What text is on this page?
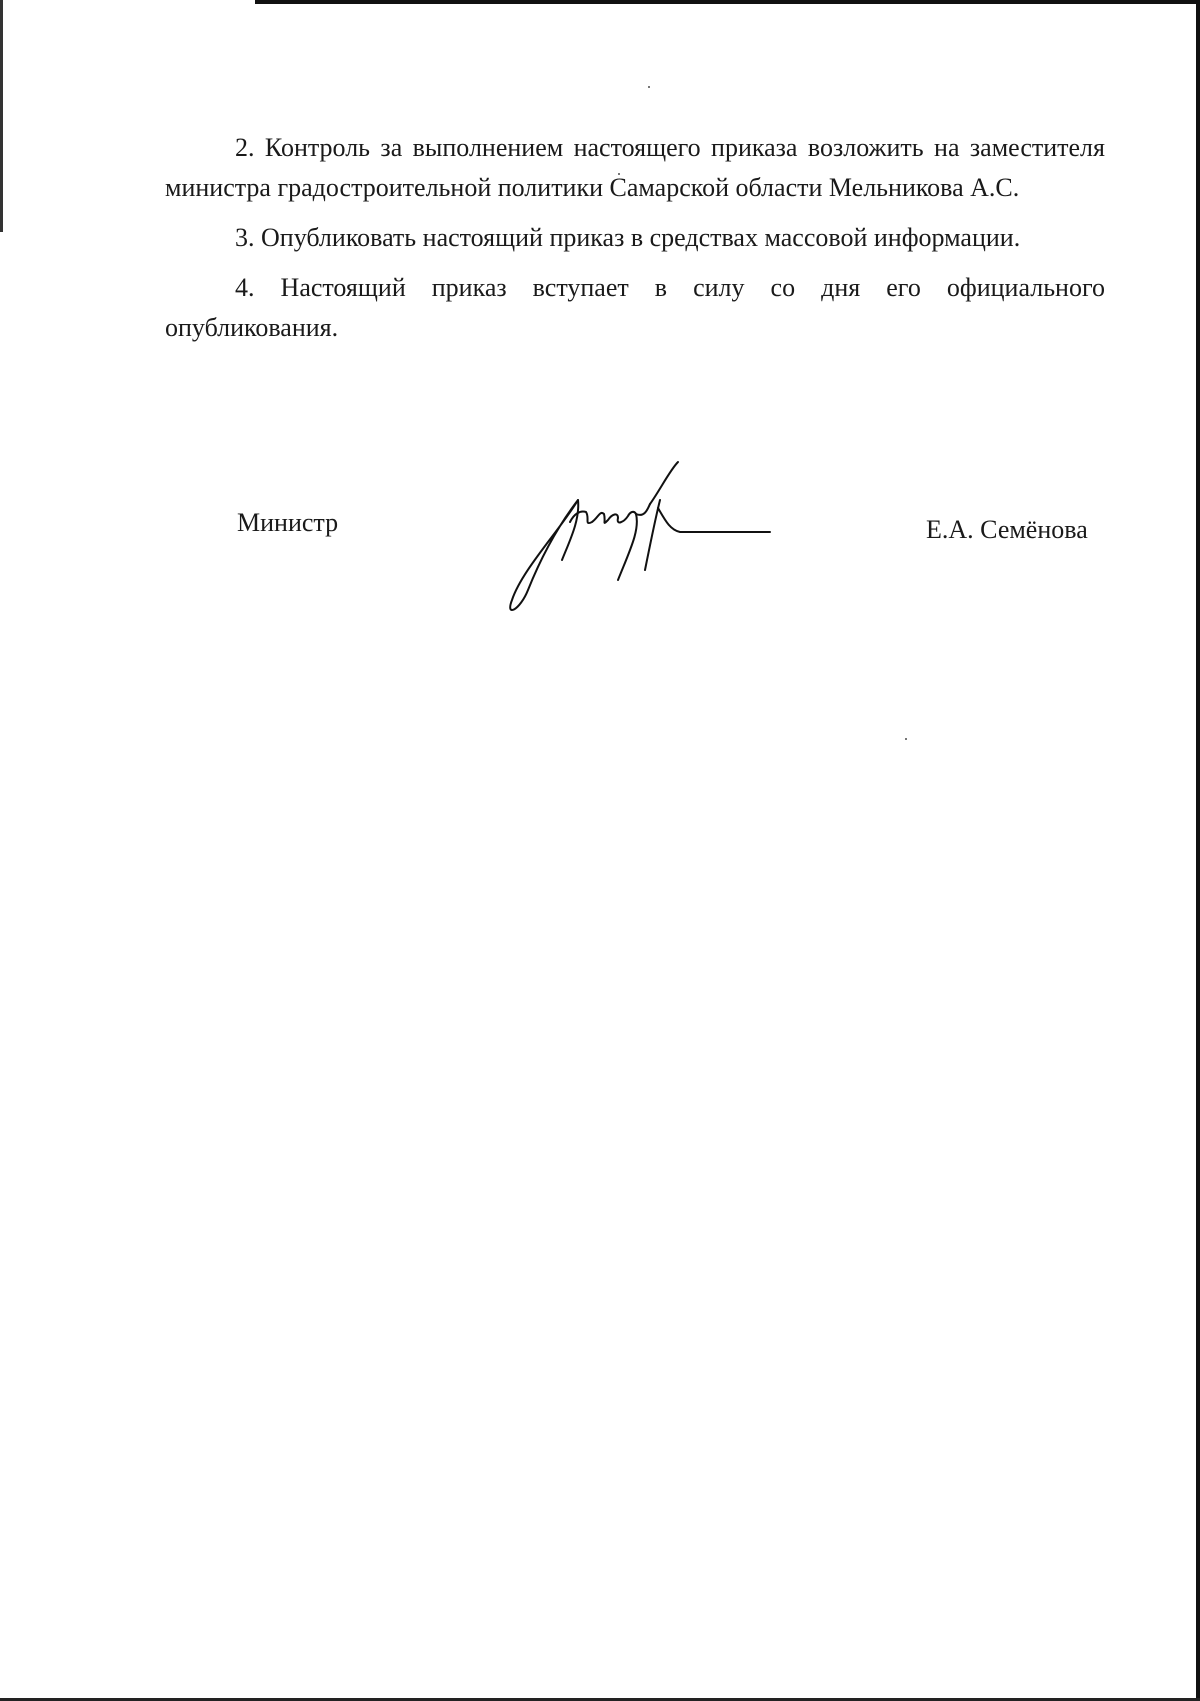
2. Контроль за выполнением настоящего приказа возложить на заместителя министра градостроительной политики Самарской области Мельникова А.С.

3. Опубликовать настоящий приказ в средствах массовой информации.

4. Настоящий приказ вступает в силу со дня его официального опубликования.

Министр	Е.А. Семёнова
